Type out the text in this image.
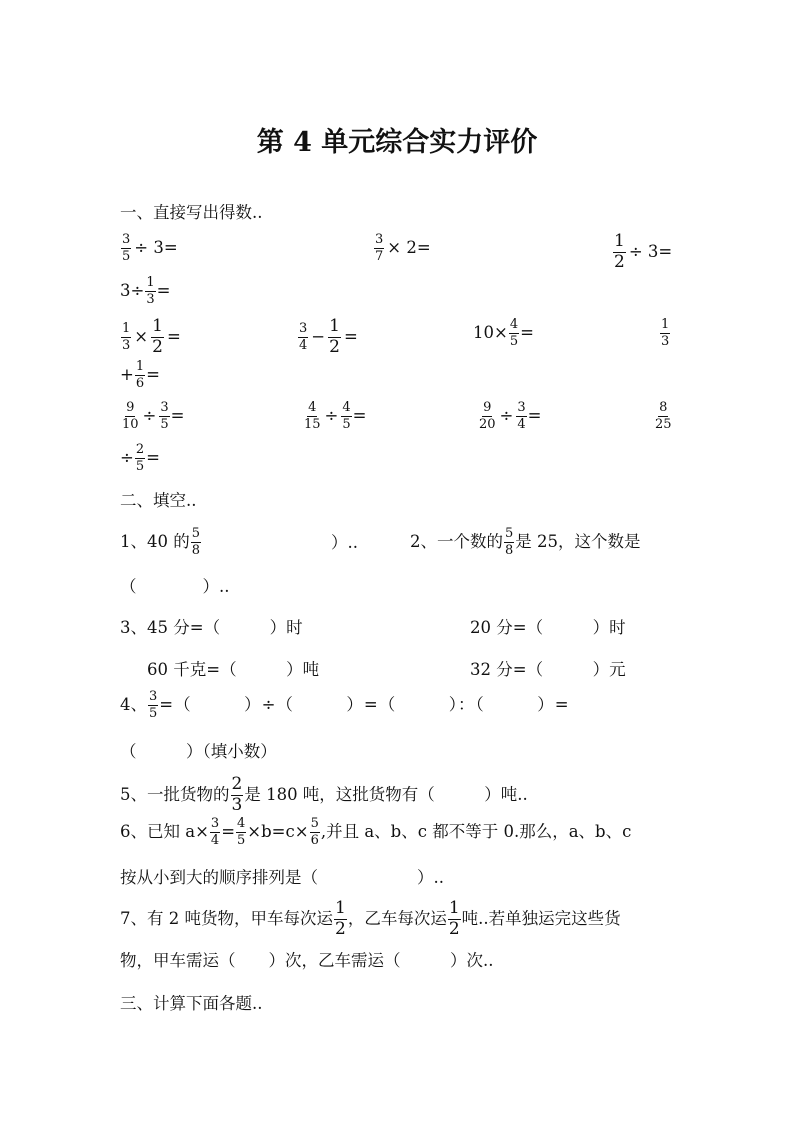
第 4 单元综合实力评价
一、直接写出得数..
$\frac{3}{5} \div 3=$	$\frac{3}{7} \times 2=$	$\frac{1}{2} \div 3=$
$3\div \frac{1}{3}$ =
$\frac{1}{3} \times \frac{1}{2}$ =	$\frac{3}{4} - \frac{1}{2}$ =	$10\times \frac{4}{5}$ =	$\frac{1}{3}$
+ $\frac{1}{6}$ =
$\frac{9}{10} \div \frac{3}{5}$ =	$\frac{4}{15} \div \frac{4}{5}$ =	$\frac{9}{20} \div \frac{3}{4}$ =	$\frac{8}{25}$
÷ $\frac{2}{5}$ =
二、填空..
1、40 的 $\frac{5}{8}$	）..	2、一个数的 $\frac{5}{8}$ 是 25，这个数是
（　　　　）..
3、45 分=（　　　）时	20 分=（　　　）时
60 千克=（　　　）吨	32 分=（　　　）元
4、 $\frac{3}{5}$ =（　　　）÷（　　　）=（　　　）：（　　　）=
（　　　）（填小数）
5、一批货物的 $\frac{2}{3}$ 是 180 吨，这批货物有（　　　）吨..
6、已知 $a\times \frac{3}{4} = \frac{4}{5} \times b=c\times \frac{5}{6}$ ,并且 a、b、c 都不等于 0.那么，a、b、c
按从小到大的顺序排列是（　　　　　　）..
7、有 2 吨货物，甲车每次运 $\frac{1}{2}$ ，乙车每次运 $\frac{1}{2}$ 吨..若单独运完这些货
物，甲车需运（　　）次，乙车需运（　　　）次..
三、计算下面各题..
